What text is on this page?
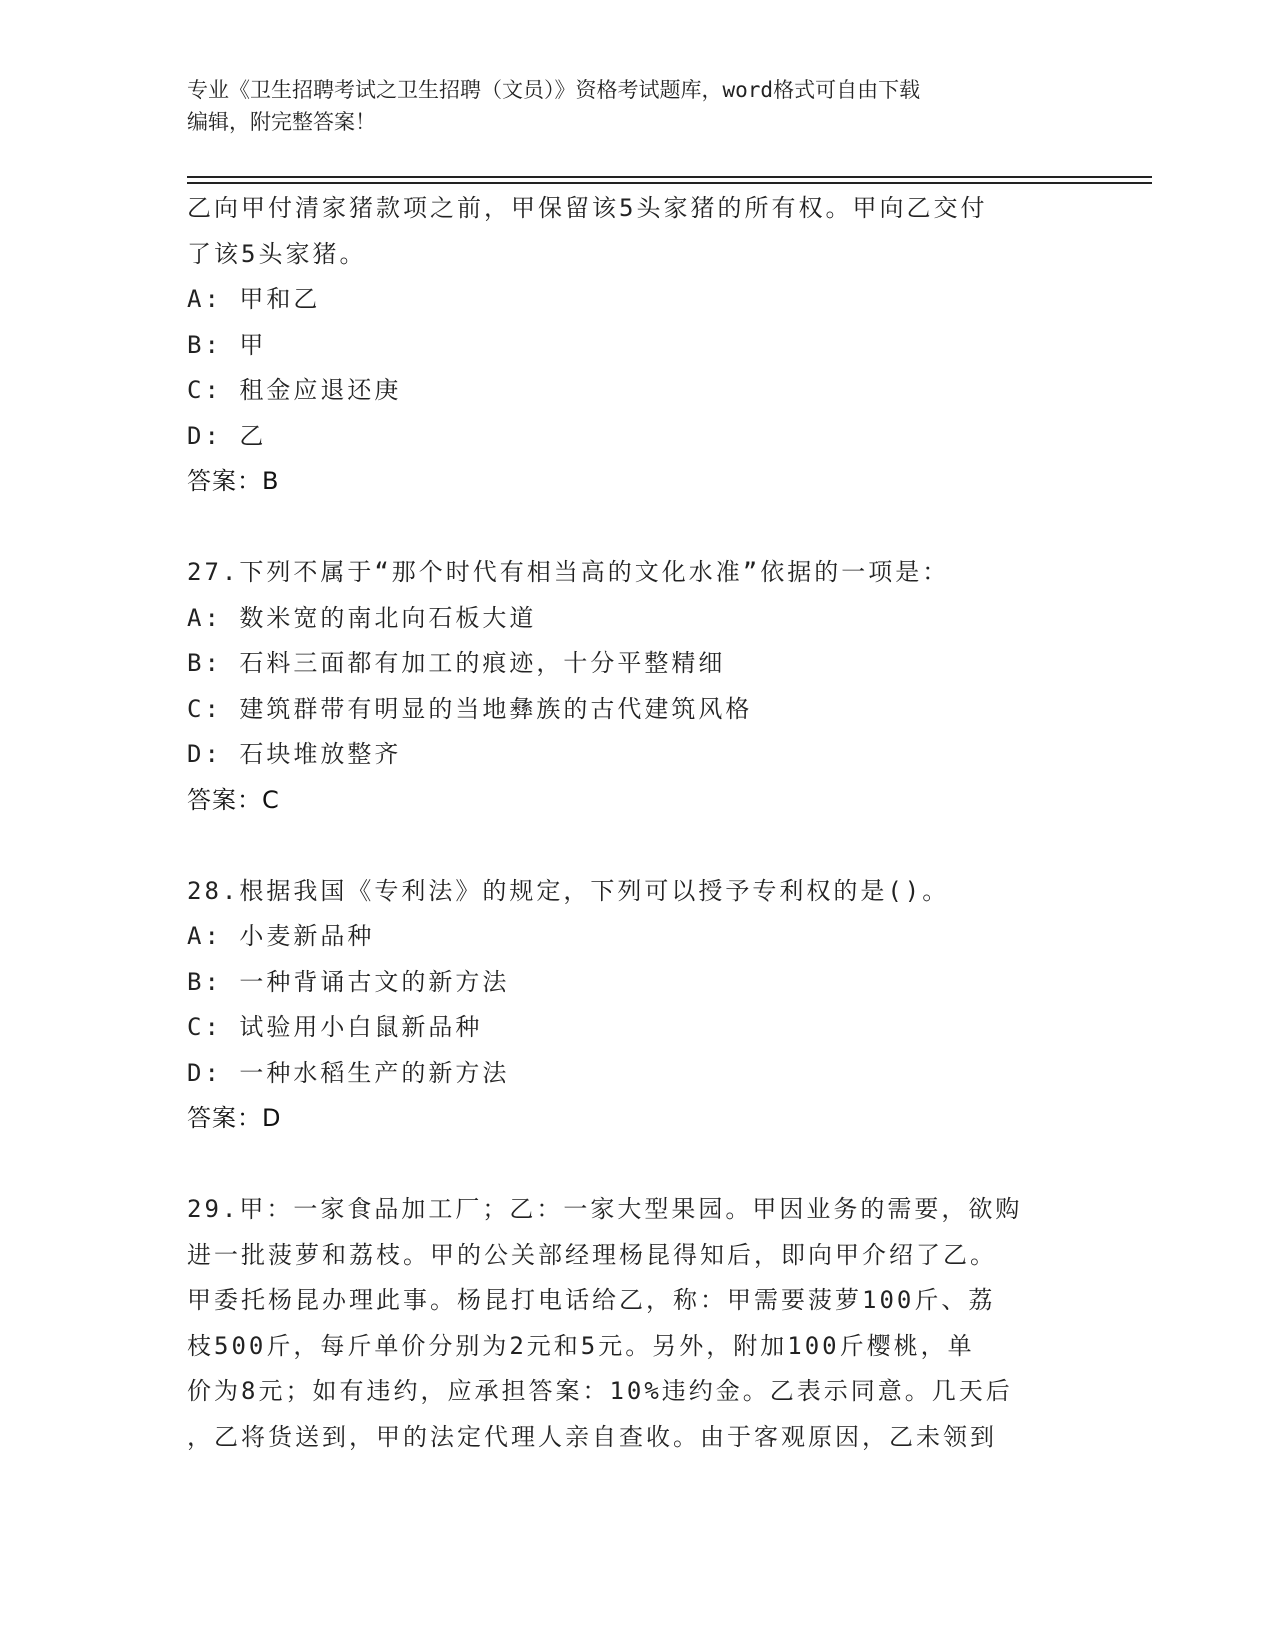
专业《卫生招聘考试之卫生招聘（文员）》资格考试题库，word格式可自由下载
编辑，附完整答案！
乙向甲付清家猪款项之前，甲保留该5头家猪的所有权。甲向乙交付
了该5头家猪。
A: 甲和乙
B: 甲
C: 租金应退还庚
D: 乙
答案：B
27.下列不属于“那个时代有相当高的文化水准”依据的一项是：
A: 数米宽的南北向石板大道
B: 石料三面都有加工的痕迹，十分平整精细
C: 建筑群带有明显的当地彝族的古代建筑风格
D: 石块堆放整齐
答案：C
28.根据我国《专利法》的规定，下列可以授予专利权的是()。
A: 小麦新品种
B: 一种背诵古文的新方法
C: 试验用小白鼠新品种
D: 一种水稻生产的新方法
答案：D
29.甲：一家食品加工厂；乙：一家大型果园。甲因业务的需要，欲购
进一批菠萝和荔枝。甲的公关部经理杨昆得知后，即向甲介绍了乙。
甲委托杨昆办理此事。杨昆打电话给乙，称：甲需要菠萝100斤、荔
枝500斤，每斤单价分别为2元和5元。另外，附加100斤樱桃，单
价为8元；如有违约，应承担答案：10%违约金。乙表示同意。几天后
，乙将货送到，甲的法定代理人亲自查收。由于客观原因，乙未领到
